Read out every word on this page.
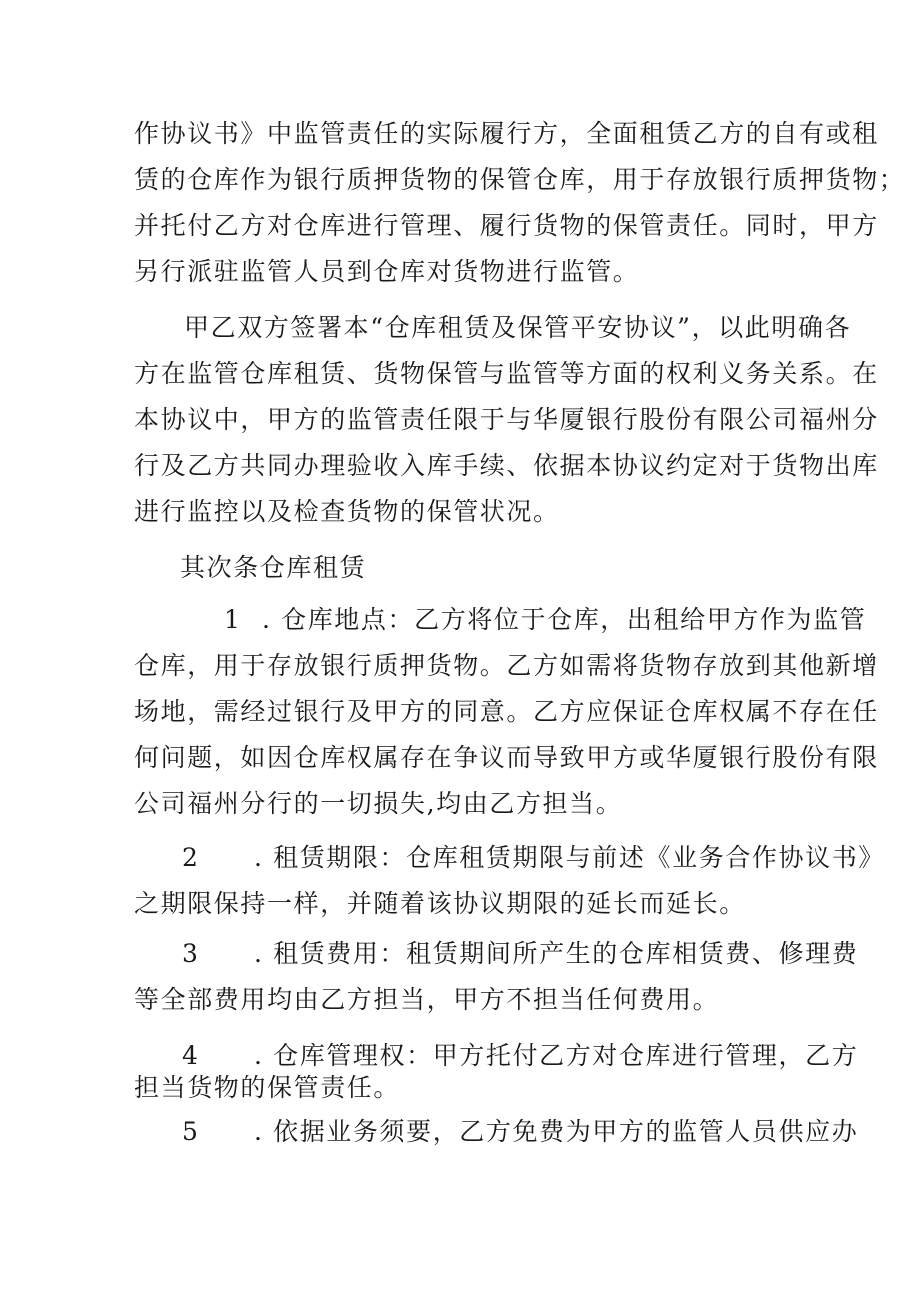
作协议书》中监管责任的实际履行方，全面租赁乙方的自有或租
赁的仓库作为银行质押货物的保管仓库，用于存放银行质押货物；
并托付乙方对仓库进行管理、履行货物的保管责任。同时，甲方
另行派驻监管人员到仓库对货物进行监管。
甲乙双方签署本“仓库租赁及保管平安协议”，以此明确各
方在监管仓库租赁、货物保管与监管等方面的权利义务关系。在
本协议中，甲方的监管责任限于与华厦银行股份有限公司福州分
行及乙方共同办理验收入库手续、依据本协议约定对于货物出库
进行监控以及检查货物的保管状况。
其次条仓库租赁
1 . 仓库地点：乙方将位于仓库，出租给甲方作为监管
仓库，用于存放银行质押货物。乙方如需将货物存放到其他新增
场地，需经过银行及甲方的同意。乙方应保证仓库权属不存在任
何问题，如因仓库权属存在争议而导致甲方或华厦银行股份有限
公司福州分行的一切损失,均由乙方担当。
2 . 租赁期限：仓库租赁期限与前述《业务合作协议书》
之期限保持一样，并随着该协议期限的延长而延长。
3 . 租赁费用：租赁期间所产生的仓库相赁费、修理费
等全部费用均由乙方担当，甲方不担当任何费用。
4 . 仓库管理权：甲方托付乙方对仓库进行管理，乙方
担当货物的保管责任。
5 . 依据业务须要，乙方免费为甲方的监管人员供应办
